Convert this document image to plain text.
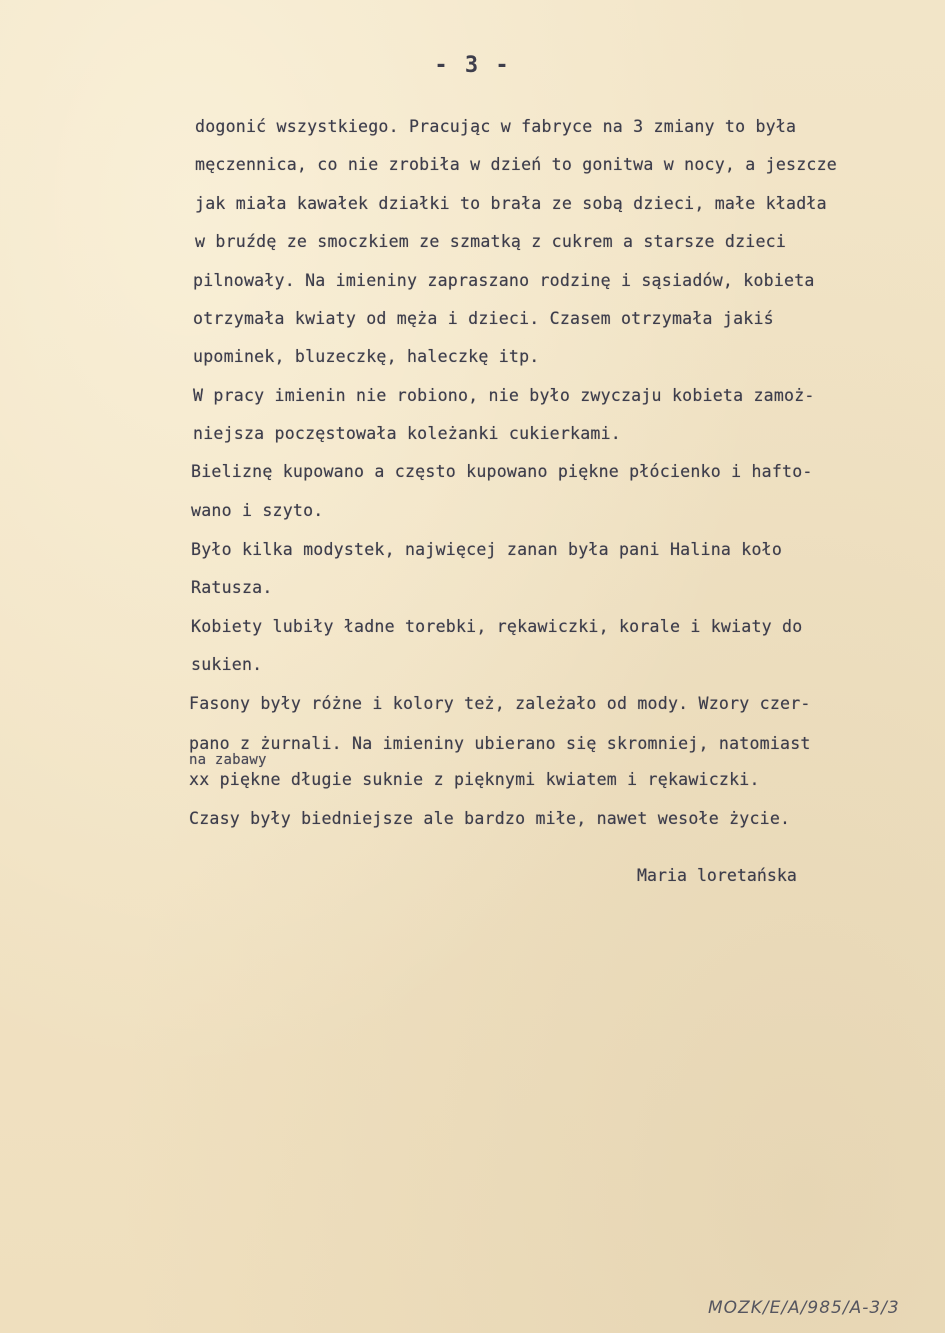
- 3 -
dogonić wszystkiego. Pracując w fabryce na 3 zmiany to była
męczennica, co nie zrobiła w dzień to gonitwa w nocy, a jeszcze
jak miała kawałek działki to brała ze sobą dzieci, małe kładła
w bruźdę ze smoczkiem ze szmatką z cukrem a starsze dzieci
pilnowały. Na imieniny zapraszano rodzinę i sąsiadów, kobieta
otrzymała kwiaty od męża i dzieci. Czasem otrzymała jakiś
upominek, bluzeczkę, haleczkę itp.
W pracy imienin nie robiono, nie było zwyczaju kobieta zamoż-
niejsza poczęstowała koleżanki cukierkami.
Bieliznę kupowano a często kupowano piękne płócienko i hafto-
wano i szyto.
Było kilka modystek, najwięcej zanan była pani Halina koło
Ratusza.
Kobiety lubiły ładne torebki, rękawiczki, korale i kwiaty do
sukien.
Fasony były różne i kolory też, zależało od mody. Wzory czer-
pano z żurnali. Na imieniny ubierano się skromniej, natomiast
na zabawy
xx piękne długie suknie z pięknymi kwiatem i rękawiczki.
Czasy były biedniejsze ale bardzo miłe, nawet wesołe życie.
Maria loretańska
MOZK/E/A/985/A-3/3
